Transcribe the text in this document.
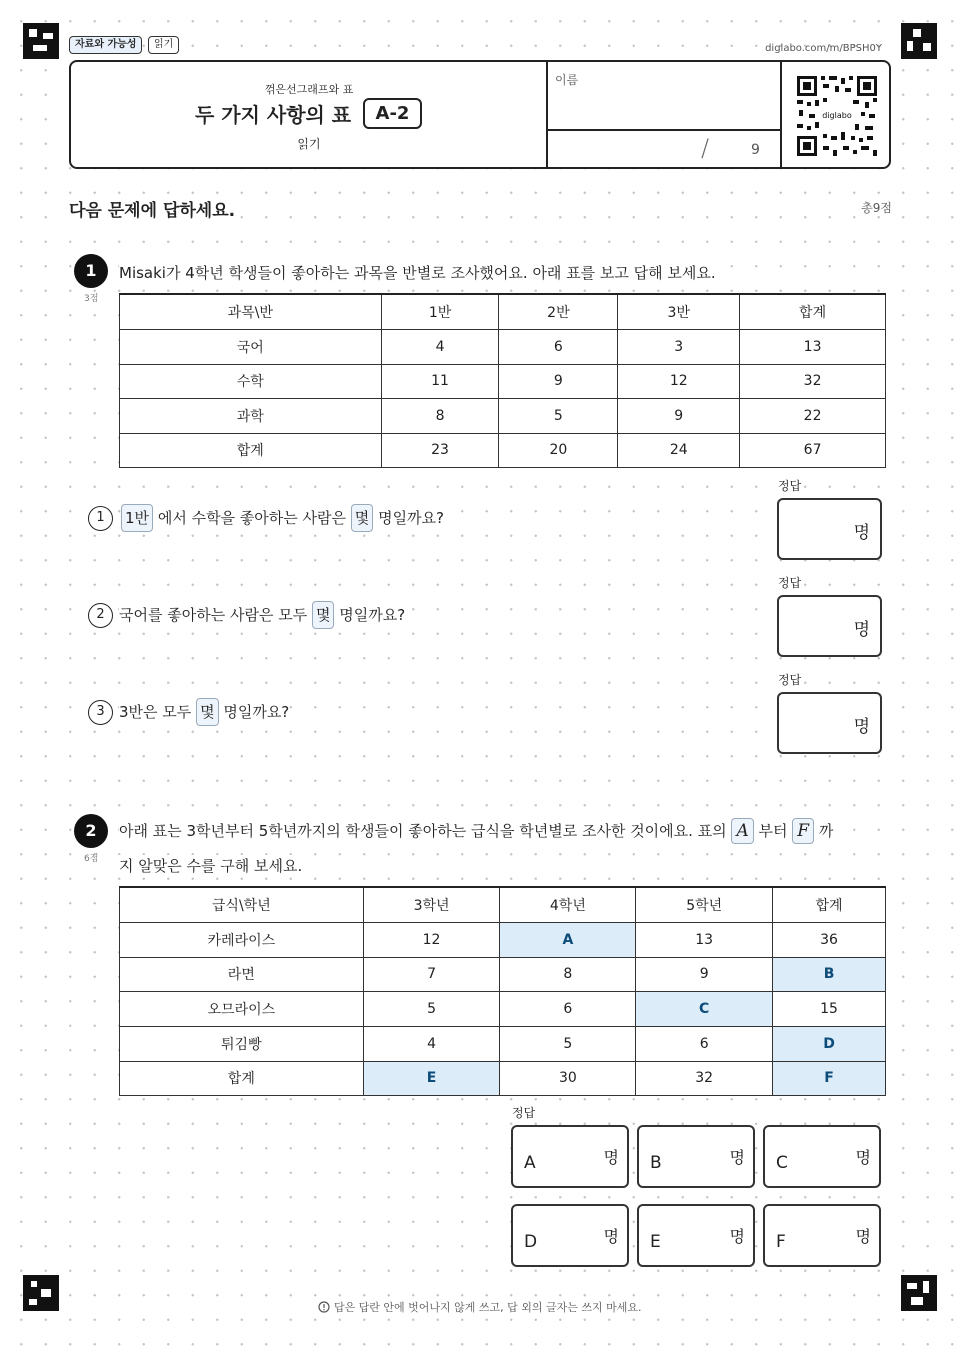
자료와 가능성	읽기	diglabo.com/m/BPSH0Y
꺾은선그래프와 표
두 가지 사항의 표	A-2
읽기
이름
/	9
diglabo
다음 문제에 답하세요.	총9점
1
3점
Misaki가 4학년 학생들이 좋아하는 과목을 반별로 조사했어요. 아래 표를 보고 답해 보세요.
과목\반	1반	2반	3반	합계
국어	4	6	3	13
수학	11	9	12	32
과학	8	5	9	22
합계	23	20	24	67
1	1반 에서 수학을 좋아하는 사람은 몇 명일까요?
정답
명
2 국어를 좋아하는 사람은 모두 몇 명일까요?
정답
명
3 3반은 모두 몇 명일까요?
정답
명
2
6점
아래 표는 3학년부터 5학년까지의 학생들이 좋아하는 급식을 학년별로 조사한 것이에요. 표의 A 부터 F 까
지 알맞은 수를 구해 보세요.
급식\학년	3학년	4학년	5학년	합계
카레라이스	12	A	13	36
라면	7	8	9	B
오므라이스	5	6	C	15
튀김빵	4	5	6	D
합계	E	30	32	F
정답
A	명 B	명 C	명
D	명 E	명 F	명
답은 답란 안에 벗어나지 않게 쓰고, 답 외의 글자는 쓰지 마세요.
